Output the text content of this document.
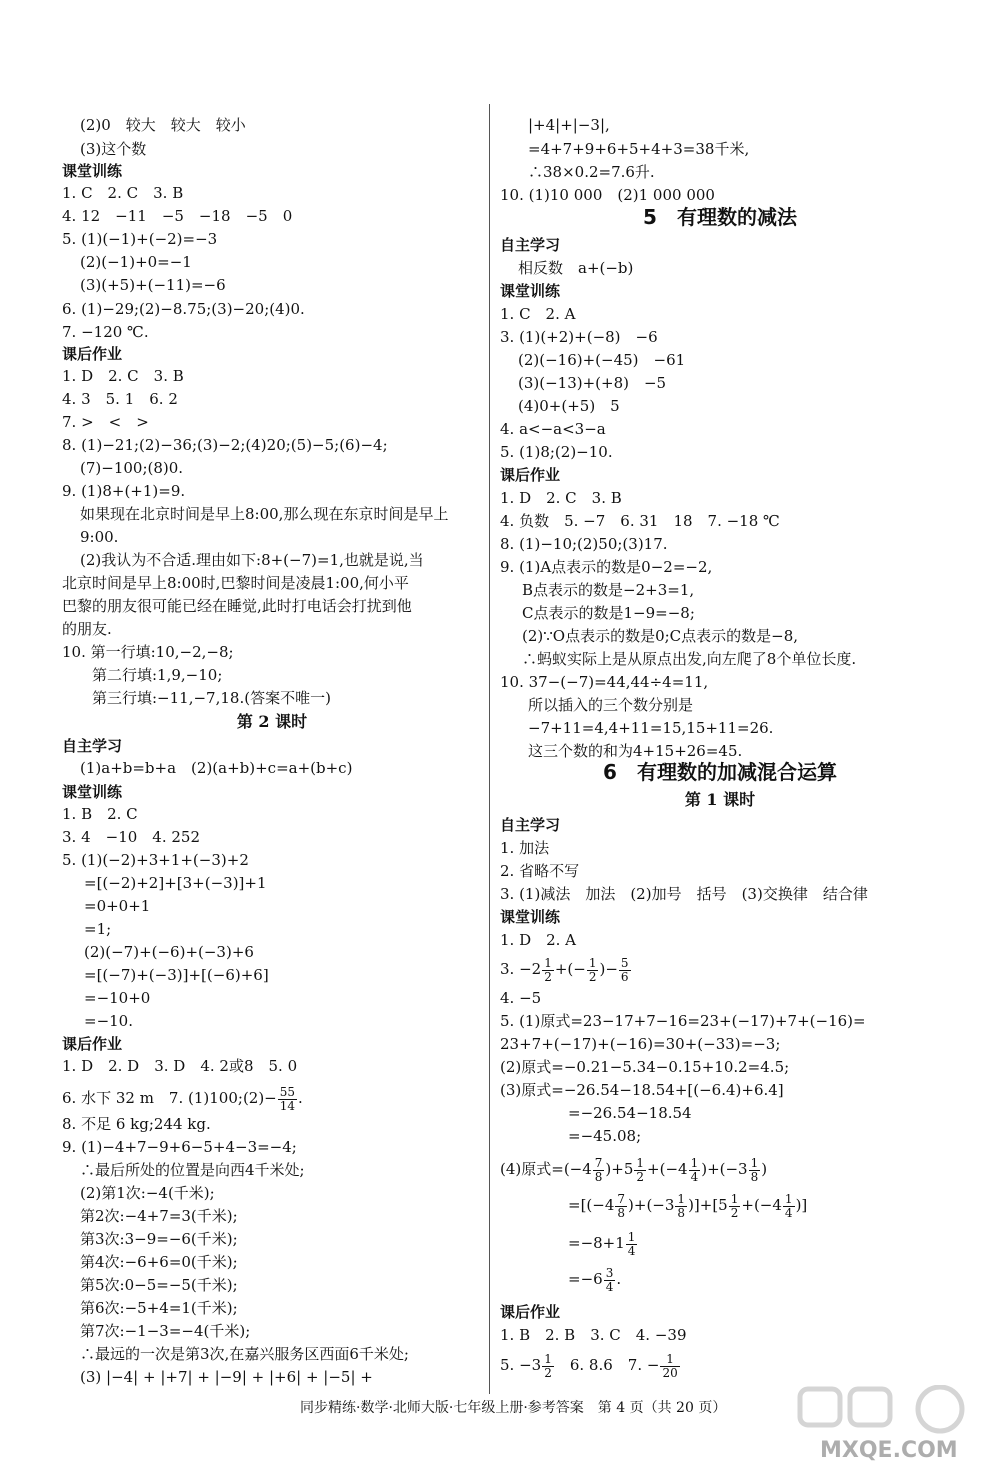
(2)0　较大　较大　较小
(3)这个数
课堂训练
1. C　2. C　3. B
4. 12　−11　−5　−18　−5　0
5. (1)(−1)+(−2)=−3
(2)(−1)+0=−1
(3)(+5)+(−11)=−6
6. (1)−29;(2)−8.75;(3)−20;(4)0.
7. −120 ℃.
课后作业
1. D　2. C　3. B
4. 3　5. 1　6. 2
7. >　<　>
8. (1)−21;(2)−36;(3)−2;(4)20;(5)−5;(6)−4;
(7)−100;(8)0.
9. (1)8+(+1)=9.
如果现在北京时间是早上8:00,那么现在东京时间是早上
9:00.
(2)我认为不合适.理由如下:8+(−7)=1,也就是说,当
北京时间是早上8:00时,巴黎时间是凌晨1:00,何小平
巴黎的朋友很可能已经在睡觉,此时打电话会打扰到他
的朋友.
10. 第一行填:10,−2,−8;
第二行填:1,9,−10;
第三行填:−11,−7,18.(答案不唯一)
第 2 课时
自主学习
(1)a+b=b+a　(2)(a+b)+c=a+(b+c)
课堂训练
1. B　2. C
3. 4　−10　4. 252
5. (1)(−2)+3+1+(−3)+2
=[(−2)+2]+[3+(−3)]+1
=0+0+1
=1;
(2)(−7)+(−6)+(−3)+6
=[(−7)+(−3)]+[(−6)+6]
=−10+0
=−10.
课后作业
1. D　2. D　3. D　4. 2或8　5. 0
6. 水下 32 m　7. (1)100;(2)− $\frac{55}{14}$ .
8. 不足 6 kg;244 kg.
9. (1)−4+7−9+6−5+4−3=−4;
∴最后所处的位置是向西4千米处;
(2)第1次:−4(千米);
第2次:−4+7=3(千米);
第3次:3−9=−6(千米);
第4次:−6+6=0(千米);
第5次:0−5=−5(千米);
第6次:−5+4=1(千米);
第7次:−1−3=−4(千米);
∴最远的一次是第3次,在嘉兴服务区西面6千米处;
(3) |−4| + |+7| + |−9| + |+6| + |−5| +
|+4|+|−3|,
=4+7+9+6+5+4+3=38千米,
∴38×0.2=7.6升.
10. (1)10 000　(2)1 000 000
5　有理数的减法
自主学习
相反数　a+(−b)
课堂训练
1. C　2. A
3. (1)(+2)+(−8)　−6
(2)(−16)+(−45)　−61
(3)(−13)+(+8)　−5
(4)0+(+5)　5
4. a<−a<3−a
5. (1)8;(2)−10.
课后作业
1. D　2. C　3. B
4. 负数　5. −7　6. 31　18　7. −18 ℃
8. (1)−10;(2)50;(3)17.
9. (1)A点表示的数是0−2=−2,
B点表示的数是−2+3=1,
C点表示的数是1−9=−8;
(2)∵O点表示的数是0;C点表示的数是−8,
∴蚂蚁实际上是从原点出发,向左爬了8个单位长度.
10. 37−(−7)=44,44÷4=11,
所以插入的三个数分别是
−7+11=4,4+11=15,15+11=26.
这三个数的和为4+15+26=45.
6　有理数的加减混合运算
第 1 课时
自主学习
1. 加法
2. 省略不写
3. (1)减法　加法　(2)加号　括号　(3)交换律　结合律
课堂训练
1. D　2. A
3. $-2 \frac{1}{2}$ +(− $\frac{1}{2}$ )− $\frac{5}{6}$
4. −5
5. (1)原式=23−17+7−16=23+(−17)+7+(−16)=
23+7+(−17)+(−16)=30+(−33)=−3;
(2)原式=−0.21−5.34−0.15+10.2=4.5;
(3)原式=−26.54−18.54+[(−6.4)+6.4]
=−26.54−18.54
=−45.08;
(4)原式$=(-4 \frac{7}{8} )+5 \frac{1}{2} +(-4 \frac{1}{4} )+(-3 \frac{1}{8}$ )
$=[(-4 \frac{7}{8} )+(-3 \frac{1}{8} )]+[5 \frac{1}{2} +(-4 \frac{1}{4}$ )]
$=-8+1 \frac{1}{4}$
$=-6 \frac{3}{4}$ .
课后作业
1. B　2. B　3. C　4. −39
5. $-3 \frac{1}{2}$ 　6. 8.6　7. − $\frac{1}{20}$
同步精练·数学·北师大版·七年级上册·参考答案　第 4 页（共 20 页）
MXQE.COM
